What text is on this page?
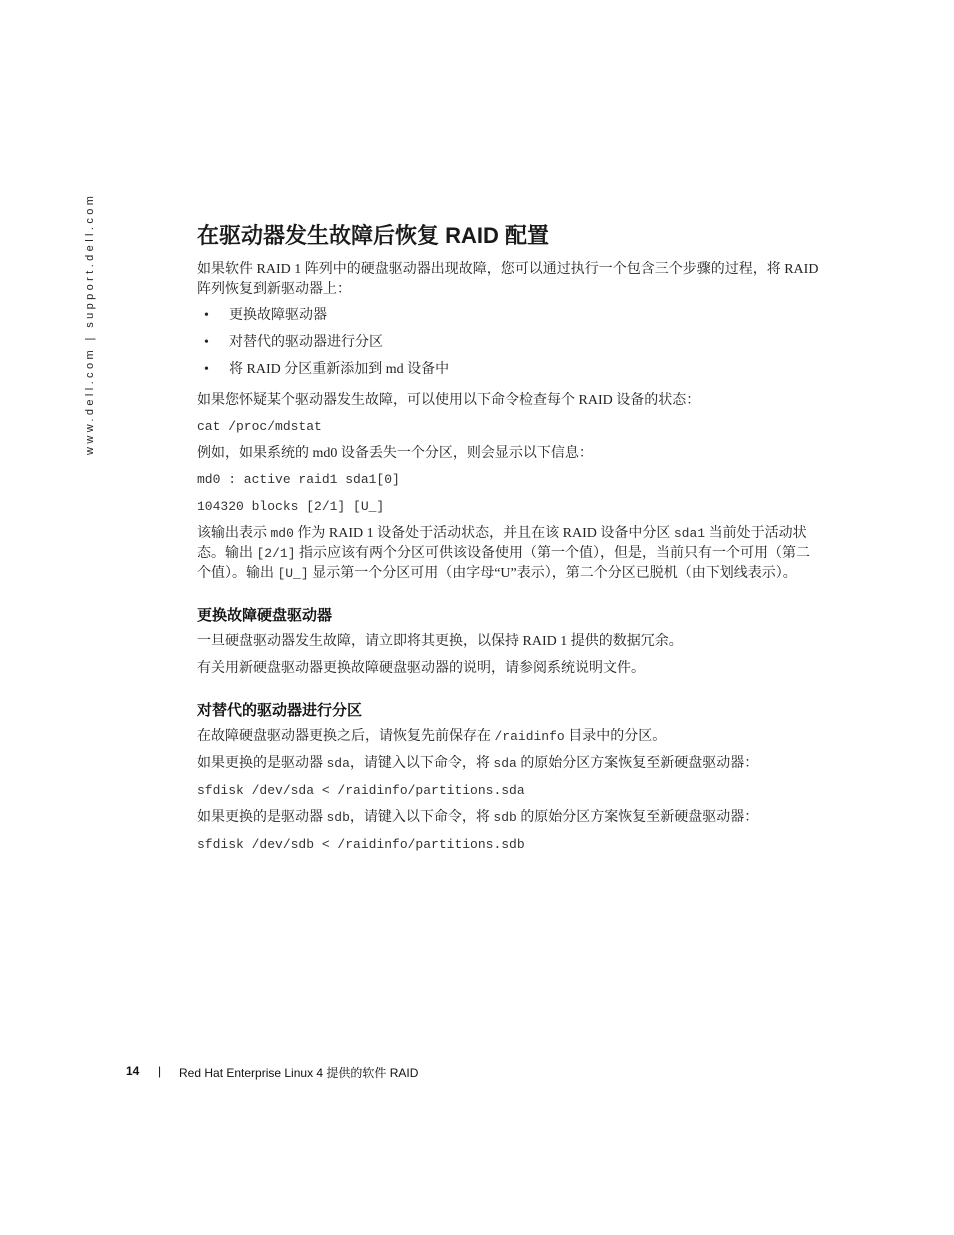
www.dell.com | support.dell.com	在驱动器发生故障后恢复 RAID 配置

如果软件 RAID 1 阵列中的硬盘驱动器出现故障，您可以通过执行一个包含三个步骤的过程，将 RAID 阵列恢复到新驱动器上：

• 更换故障驱动器
• 对替代的驱动器进行分区
• 将 RAID 分区重新添加到 md 设备中

如果您怀疑某个驱动器发生故障，可以使用以下命令检查每个 RAID 设备的状态：

cat /proc/mdstat

例如，如果系统的 md0 设备丢失一个分区，则会显示以下信息：

md0 : active raid1 sda1[0]
104320 blocks [2/1] [U_]

该输出表示 md0 作为 RAID 1 设备处于活动状态，并且在该 RAID 设备中分区 sda1 当前处于活动状态。输出 [2/1] 指示应该有两个分区可供该设备使用（第一个值），但是，当前只有一个可用（第二个值）。输出 [U_] 显示第一个分区可用（由字母“U”表示），第二个分区已脱机（由下划线表示）。

更换故障硬盘驱动器

一旦硬盘驱动器发生故障，请立即将其更换，以保持 RAID 1 提供的数据冗余。

有关用新硬盘驱动器更换故障硬盘驱动器的说明，请参阅系统说明文件。

对替代的驱动器进行分区

在故障硬盘驱动器更换之后，请恢复先前保存在 /raidinfo 目录中的分区。

如果更换的是驱动器 sda，请键入以下命令，将 sda 的原始分区方案恢复至新硬盘驱动器：

sfdisk /dev/sda < /raidinfo/partitions.sda

如果更换的是驱动器 sdb，请键入以下命令，将 sdb 的原始分区方案恢复至新硬盘驱动器：

sfdisk /dev/sdb < /raidinfo/partitions.sdb
14 | Red Hat Enterprise Linux 4 提供的软件 RAID
